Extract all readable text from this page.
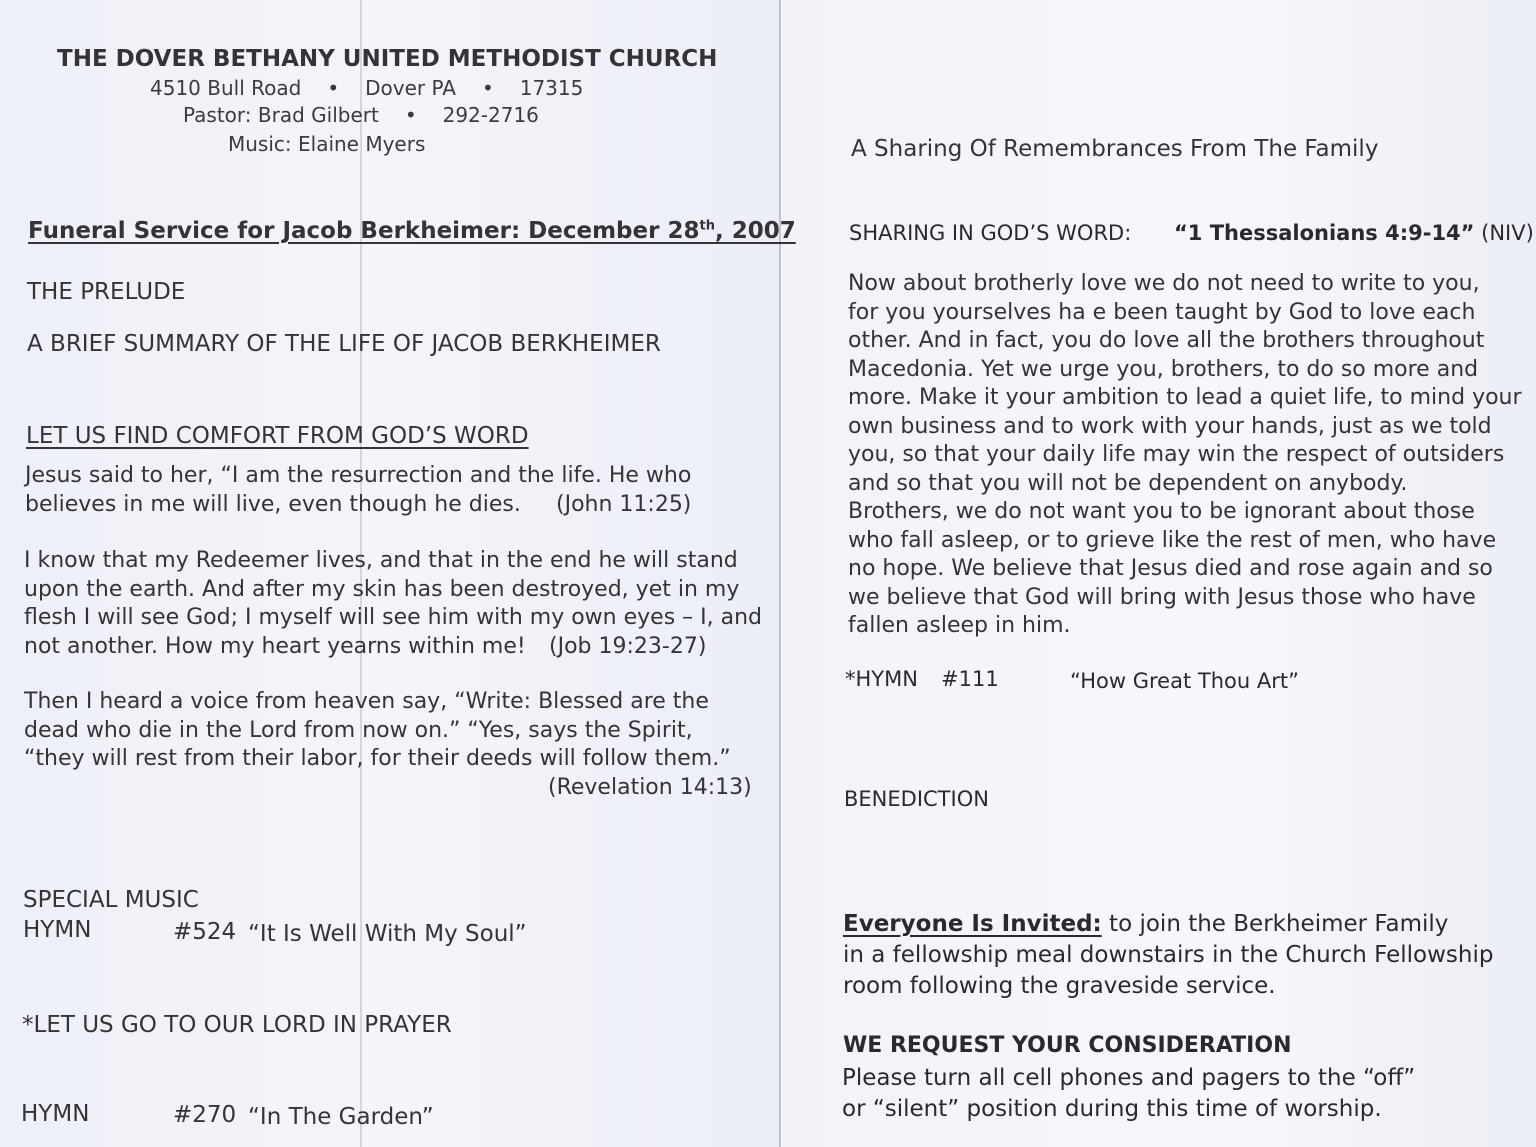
THE DOVER BETHANY UNITED METHODIST CHURCH
4510 Bull Road • Dover PA • 17315
Pastor: Brad Gilbert • 292-2716
Music: Elaine Myers
Funeral Service for Jacob Berkheimer: December 28th, 2007
THE PRELUDE
A BRIEF SUMMARY OF THE LIFE OF JACOB BERKHEIMER
LET US FIND COMFORT FROM GOD’S WORD
Jesus said to her, “I am the resurrection and the life. He who
believes in me will live, even though he dies.	(John 11:25)
I know that my Redeemer lives, and that in the end he will stand
upon the earth. And after my skin has been destroyed, yet in my
flesh I will see God; I myself will see him with my own eyes – I, and
not another. How my heart yearns within me!	(Job 19:23-27)
Then I heard a voice from heaven say, “Write: Blessed are the
dead who die in the Lord from now on.” “Yes, says the Spirit,
“they will rest from their labor, for their deeds will follow them.”
(Revelation 14:13)
SPECIAL MUSIC
HYMN	#524 “It Is Well With My Soul”
*LET US GO TO OUR LORD IN PRAYER
HYMN	#270 “In The Garden”
A Sharing Of Remembrances From The Family
SHARING IN GOD’S WORD: “1 Thessalonians 4:9-14” (NIV)
Now about brotherly love we do not need to write to you,
for you yourselves ha e been taught by God to love each
other. And in fact, you do love all the brothers throughout
Macedonia. Yet we urge you, brothers, to do so more and
more. Make it your ambition to lead a quiet life, to mind your
own business and to work with your hands, just as we told
you, so that your daily life may win the respect of outsiders
and so that you will not be dependent on anybody.
Brothers, we do not want you to be ignorant about those
who fall asleep, or to grieve like the rest of men, who have
no hope. We believe that Jesus died and rose again and so
we believe that God will bring with Jesus those who have
fallen asleep in him.
*HYMN #111	“How Great Thou Art”
BENEDICTION
Everyone Is Invited: to join the Berkheimer Family
in a fellowship meal downstairs in the Church Fellowship
room following the graveside service.
WE REQUEST YOUR CONSIDERATION
Please turn all cell phones and pagers to the “off”
or “silent” position during this time of worship.
